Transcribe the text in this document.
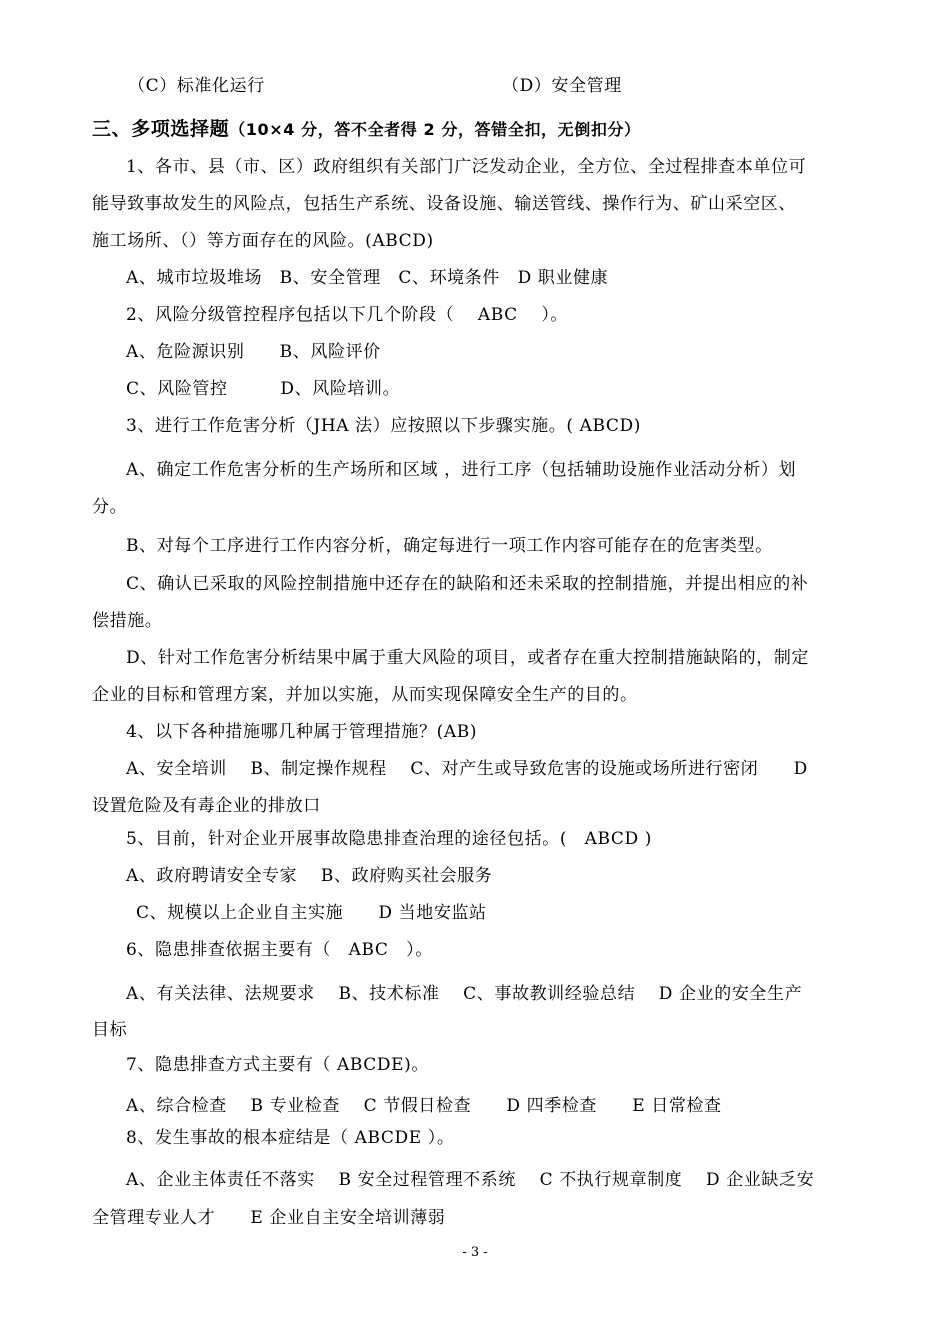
（C）标准化运行	（D）安全管理
三、多项选择题（10×4 分，答不全者得 2 分，答错全扣，无倒扣分）
1、各市、县（市、区）政府组织有关部门广泛发动企业，全方位、全过程排查本单位可
能导致事故发生的风险点，包括生产系统、设备设施、输送管线、操作行为、矿山采空区、
施工场所、（）等方面存在的风险。(ABCD)
A、城市垃圾堆场　B、安全管理　C、环境条件　D 职业健康
2、风险分级管控程序包括以下几个阶段（　 ABC　 ）。
A、危险源识别　　B、风险评价
C、风险管控　　　D、风险培训。
3、进行工作危害分析（JHA 法）应按照以下步骤实施。( ABCD)
A、确定工作危害分析的生产场所和区域 ，进行工序（包括辅助设施作业活动分析）划
分。
B、对每个工序进行工作内容分析，确定每进行一项工作内容可能存在的危害类型。
C、确认已采取的风险控制措施中还存在的缺陷和还未采取的控制措施，并提出相应的补
偿措施。
D、针对工作危害分析结果中属于重大风险的项目，或者存在重大控制措施缺陷的，制定
企业的目标和管理方案，并加以实施，从而实现保障安全生产的目的。
4、以下各种措施哪几种属于管理措施？(AB)
A、安全培训　 B、制定操作规程　 C、对产生或导致危害的设施或场所进行密闭　　D
设置危险及有毒企业的排放口
5、目前，针对企业开展事故隐患排查治理的途径包括。(　ABCD )
A、政府聘请安全专家　 B、政府购买社会服务
C、规模以上企业自主实施　　D 当地安监站
6、隐患排查依据主要有（　ABC　）。
A、有关法律、法规要求　 B、技术标准　 C、事故教训经验总结　 D 企业的安全生产
目标
7、隐患排查方式主要有（ ABCDE)。
A、综合检查　 B 专业检查　 C 节假日检查　　D 四季检查　　E 日常检查
8、发生事故的根本症结是（ ABCDE ）。
A、企业主体责任不落实　 B 安全过程管理不系统　 C 不执行规章制度　 D 企业缺乏安
全管理专业人才　　E 企业自主安全培训薄弱
- 3 -
